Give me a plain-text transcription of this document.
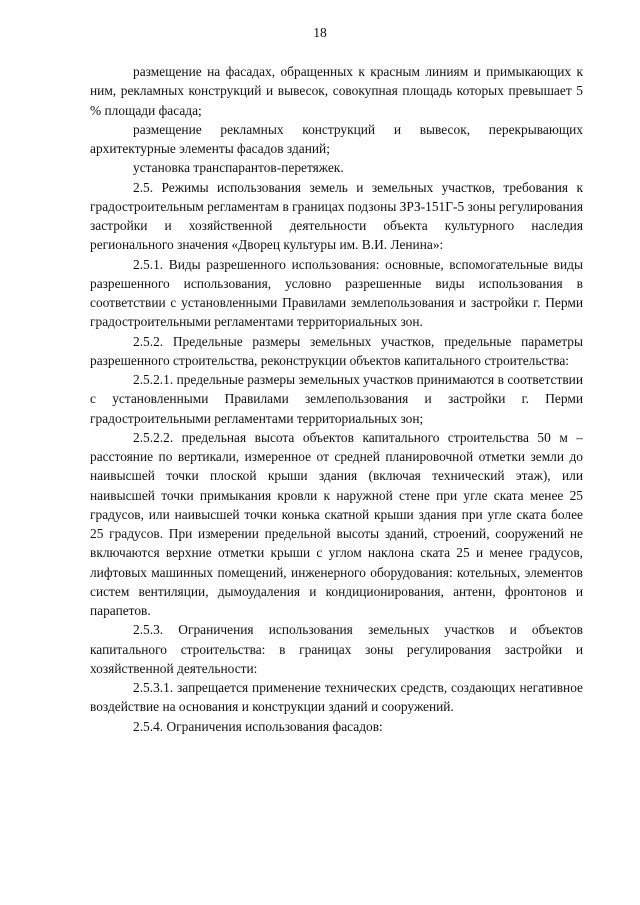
18

размещение на фасадах, обращенных к красным линиям и примыкающих к ним, рекламных конструкций и вывесок, совокупная площадь которых превышает 5 % площади фасада;

размещение рекламных конструкций и вывесок, перекрывающих архитектурные элементы фасадов зданий;

установка транспарантов-перетяжек.

2.5. Режимы использования земель и земельных участков, требования к градостроительным регламентам в границах подзоны ЗРЗ-151Г-5 зоны регулирования застройки и хозяйственной деятельности объекта культурного наследия регионального значения «Дворец культуры им. В.И. Ленина»:

2.5.1. Виды разрешенного использования: основные, вспомогательные виды разрешенного использования, условно разрешенные виды использования в соответствии с установленными Правилами землепользования и застройки г. Перми градостроительными регламентами территориальных зон.

2.5.2. Предельные размеры земельных участков, предельные параметры разрешенного строительства, реконструкции объектов капитального строительства:

2.5.2.1. предельные размеры земельных участков принимаются в соответствии с установленными Правилами землепользования и застройки г. Перми градостроительными регламентами территориальных зон;

2.5.2.2. предельная высота объектов капитального строительства 50 м – расстояние по вертикали, измеренное от средней планировочной отметки земли до наивысшей точки плоской крыши здания (включая технический этаж), или наивысшей точки примыкания кровли к наружной стене при угле ската менее 25 градусов, или наивысшей точки конька скатной крыши здания при угле ската более 25 градусов. При измерении предельной высоты зданий, строений, сооружений не включаются верхние отметки крыши с углом наклона ската 25 и менее градусов, лифтовых машинных помещений, инженерного оборудования: котельных, элементов систем вентиляции, дымоудаления и кондиционирования, антенн, фронтонов и парапетов.

2.5.3. Ограничения использования земельных участков и объектов капитального строительства: в границах зоны регулирования застройки и хозяйственной деятельности:

2.5.3.1. запрещается применение технических средств, создающих негативное воздействие на основания и конструкции зданий и сооружений.

2.5.4. Ограничения использования фасадов:
